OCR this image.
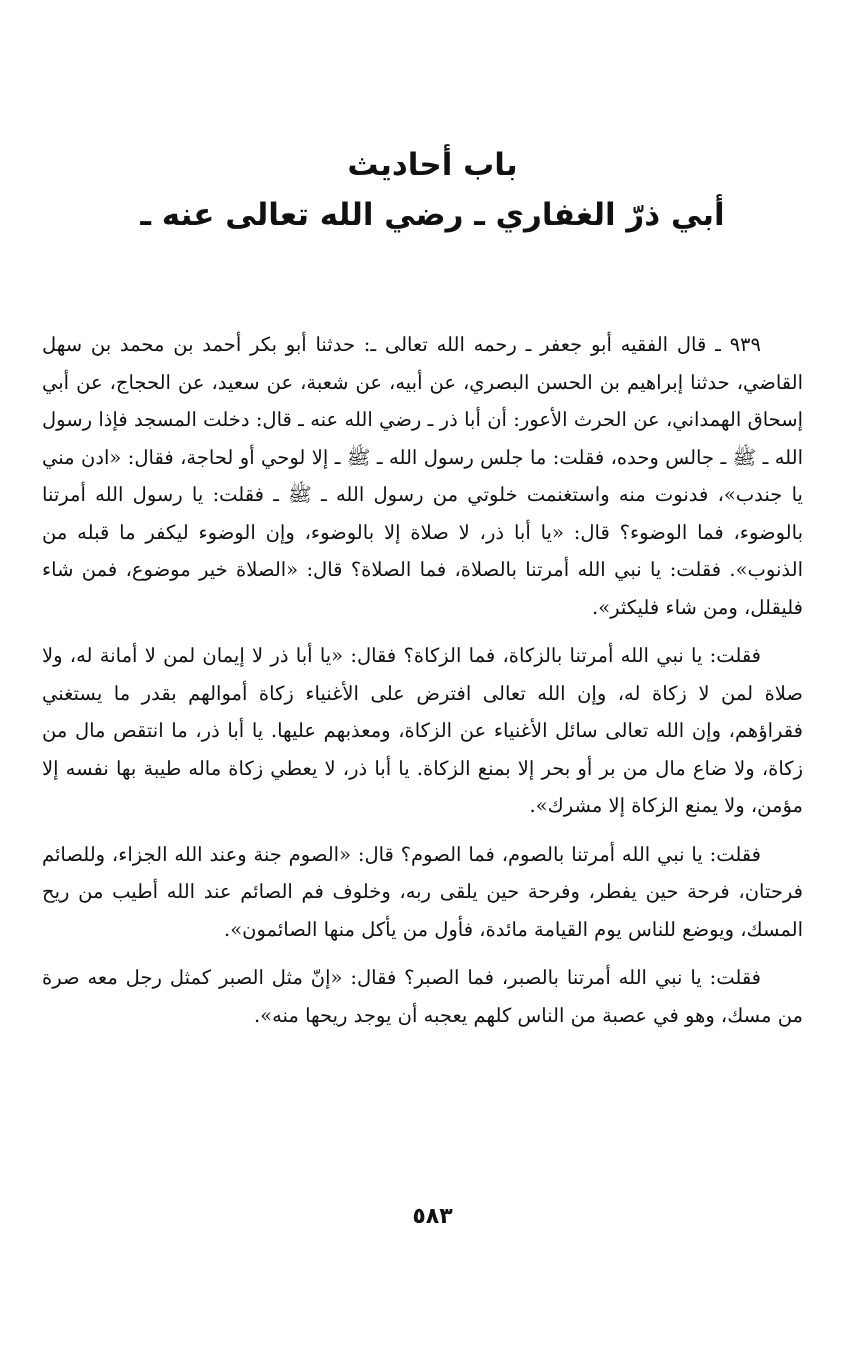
باب أحاديث
أبي ذرّ الغفاري ـ رضي الله تعالى عنه ـ

٩٣٩ ـ قال الفقيه أبو جعفر ـ رحمه الله تعالى ـ: حدثنا أبو بكر أحمد بن محمد بن سهل القاضي، حدثنا إبراهيم بن الحسن البصري، عن أبيه، عن شعبة، عن سعيد، عن الحجاج، عن أبي إسحاق الهمداني، عن الحرث الأعور: أن أبا ذر ـ رضي الله عنه ـ قال: دخلت المسجد فإذا رسول الله ـ ﷺ ـ جالس وحده، فقلت: ما جلس رسول الله ـ ﷺ ـ إلا لوحي أو لحاجة، فقال: «ادن مني يا جندب»، فدنوت منه واستغنمت خلوتي من رسول الله ـ ﷺ ـ فقلت: يا رسول الله أمرتنا بالوضوء، فما الوضوء؟ قال: «يا أبا ذر، لا صلاة إلا بالوضوء، وإن الوضوء ليكفر ما قبله من الذنوب». فقلت: يا نبي الله أمرتنا بالصلاة، فما الصلاة؟ قال: «الصلاة خير موضوع، فمن شاء فليقلل، ومن شاء فليكثر».

فقلت: يا نبي الله أمرتنا بالزكاة، فما الزكاة؟ فقال: «يا أبا ذر لا إيمان لمن لا أمانة له، ولا صلاة لمن لا زكاة له، وإن الله تعالى افترض على الأغنياء زكاة أموالهم بقدر ما يستغني فقراؤهم، وإن الله تعالى سائل الأغنياء عن الزكاة، ومعذبهم عليها. يا أبا ذر، ما انتقص مال من زكاة، ولا ضاع مال من بر أو بحر إلا بمنع الزكاة. يا أبا ذر، لا يعطي زكاة ماله طيبة بها نفسه إلا مؤمن، ولا يمنع الزكاة إلا مشرك».

فقلت: يا نبي الله أمرتنا بالصوم، فما الصوم؟ قال: «الصوم جنة وعند الله الجزاء، وللصائم فرحتان، فرحة حين يفطر، وفرحة حين يلقى ربه، وخلوف فم الصائم عند الله أطيب من ريح المسك، ويوضع للناس يوم القيامة مائدة، فأول من يأكل منها الصائمون».

فقلت: يا نبي الله أمرتنا بالصبر، فما الصبر؟ فقال: «إنّ مثل الصبر كمثل رجل معه صرة من مسك، وهو في عصبة من الناس كلهم يعجبه أن يوجد ريحها منه».

٥٨٣
